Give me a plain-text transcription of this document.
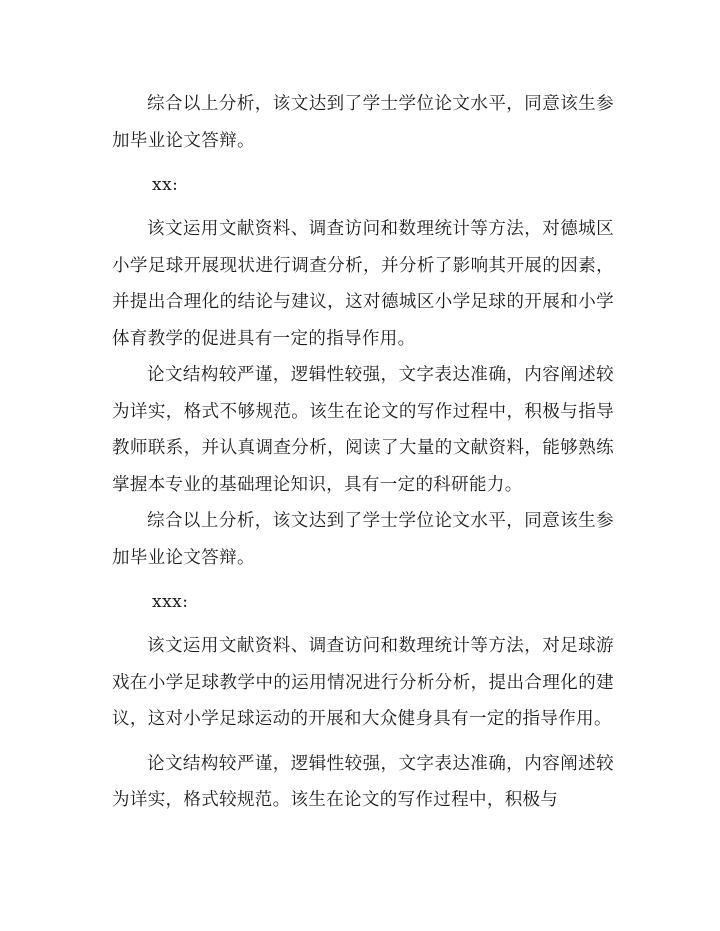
综合以上分析，该文达到了学士学位论文水平，同意该生参加毕业论文答辩。

xx:

该文运用文献资料、调查访问和数理统计等方法，对德城区小学足球开展现状进行调查分析，并分析了影响其开展的因素，并提出合理化的结论与建议，这对德城区小学足球的开展和小学体育教学的促进具有一定的指导作用。

论文结构较严谨，逻辑性较强，文字表达准确，内容阐述较为详实，格式不够规范。该生在论文的写作过程中，积极与指导教师联系，并认真调查分析，阅读了大量的文献资料，能够熟练掌握本专业的基础理论知识，具有一定的科研能力。

综合以上分析，该文达到了学士学位论文水平，同意该生参加毕业论文答辩。

xxx:

该文运用文献资料、调查访问和数理统计等方法，对足球游戏在小学足球教学中的运用情况进行分析分析，提出合理化的建议，这对小学足球运动的开展和大众健身具有一定的指导作用。

论文结构较严谨，逻辑性较强，文字表达准确，内容阐述较为详实，格式较规范。该生在论文的写作过程中，积极与
